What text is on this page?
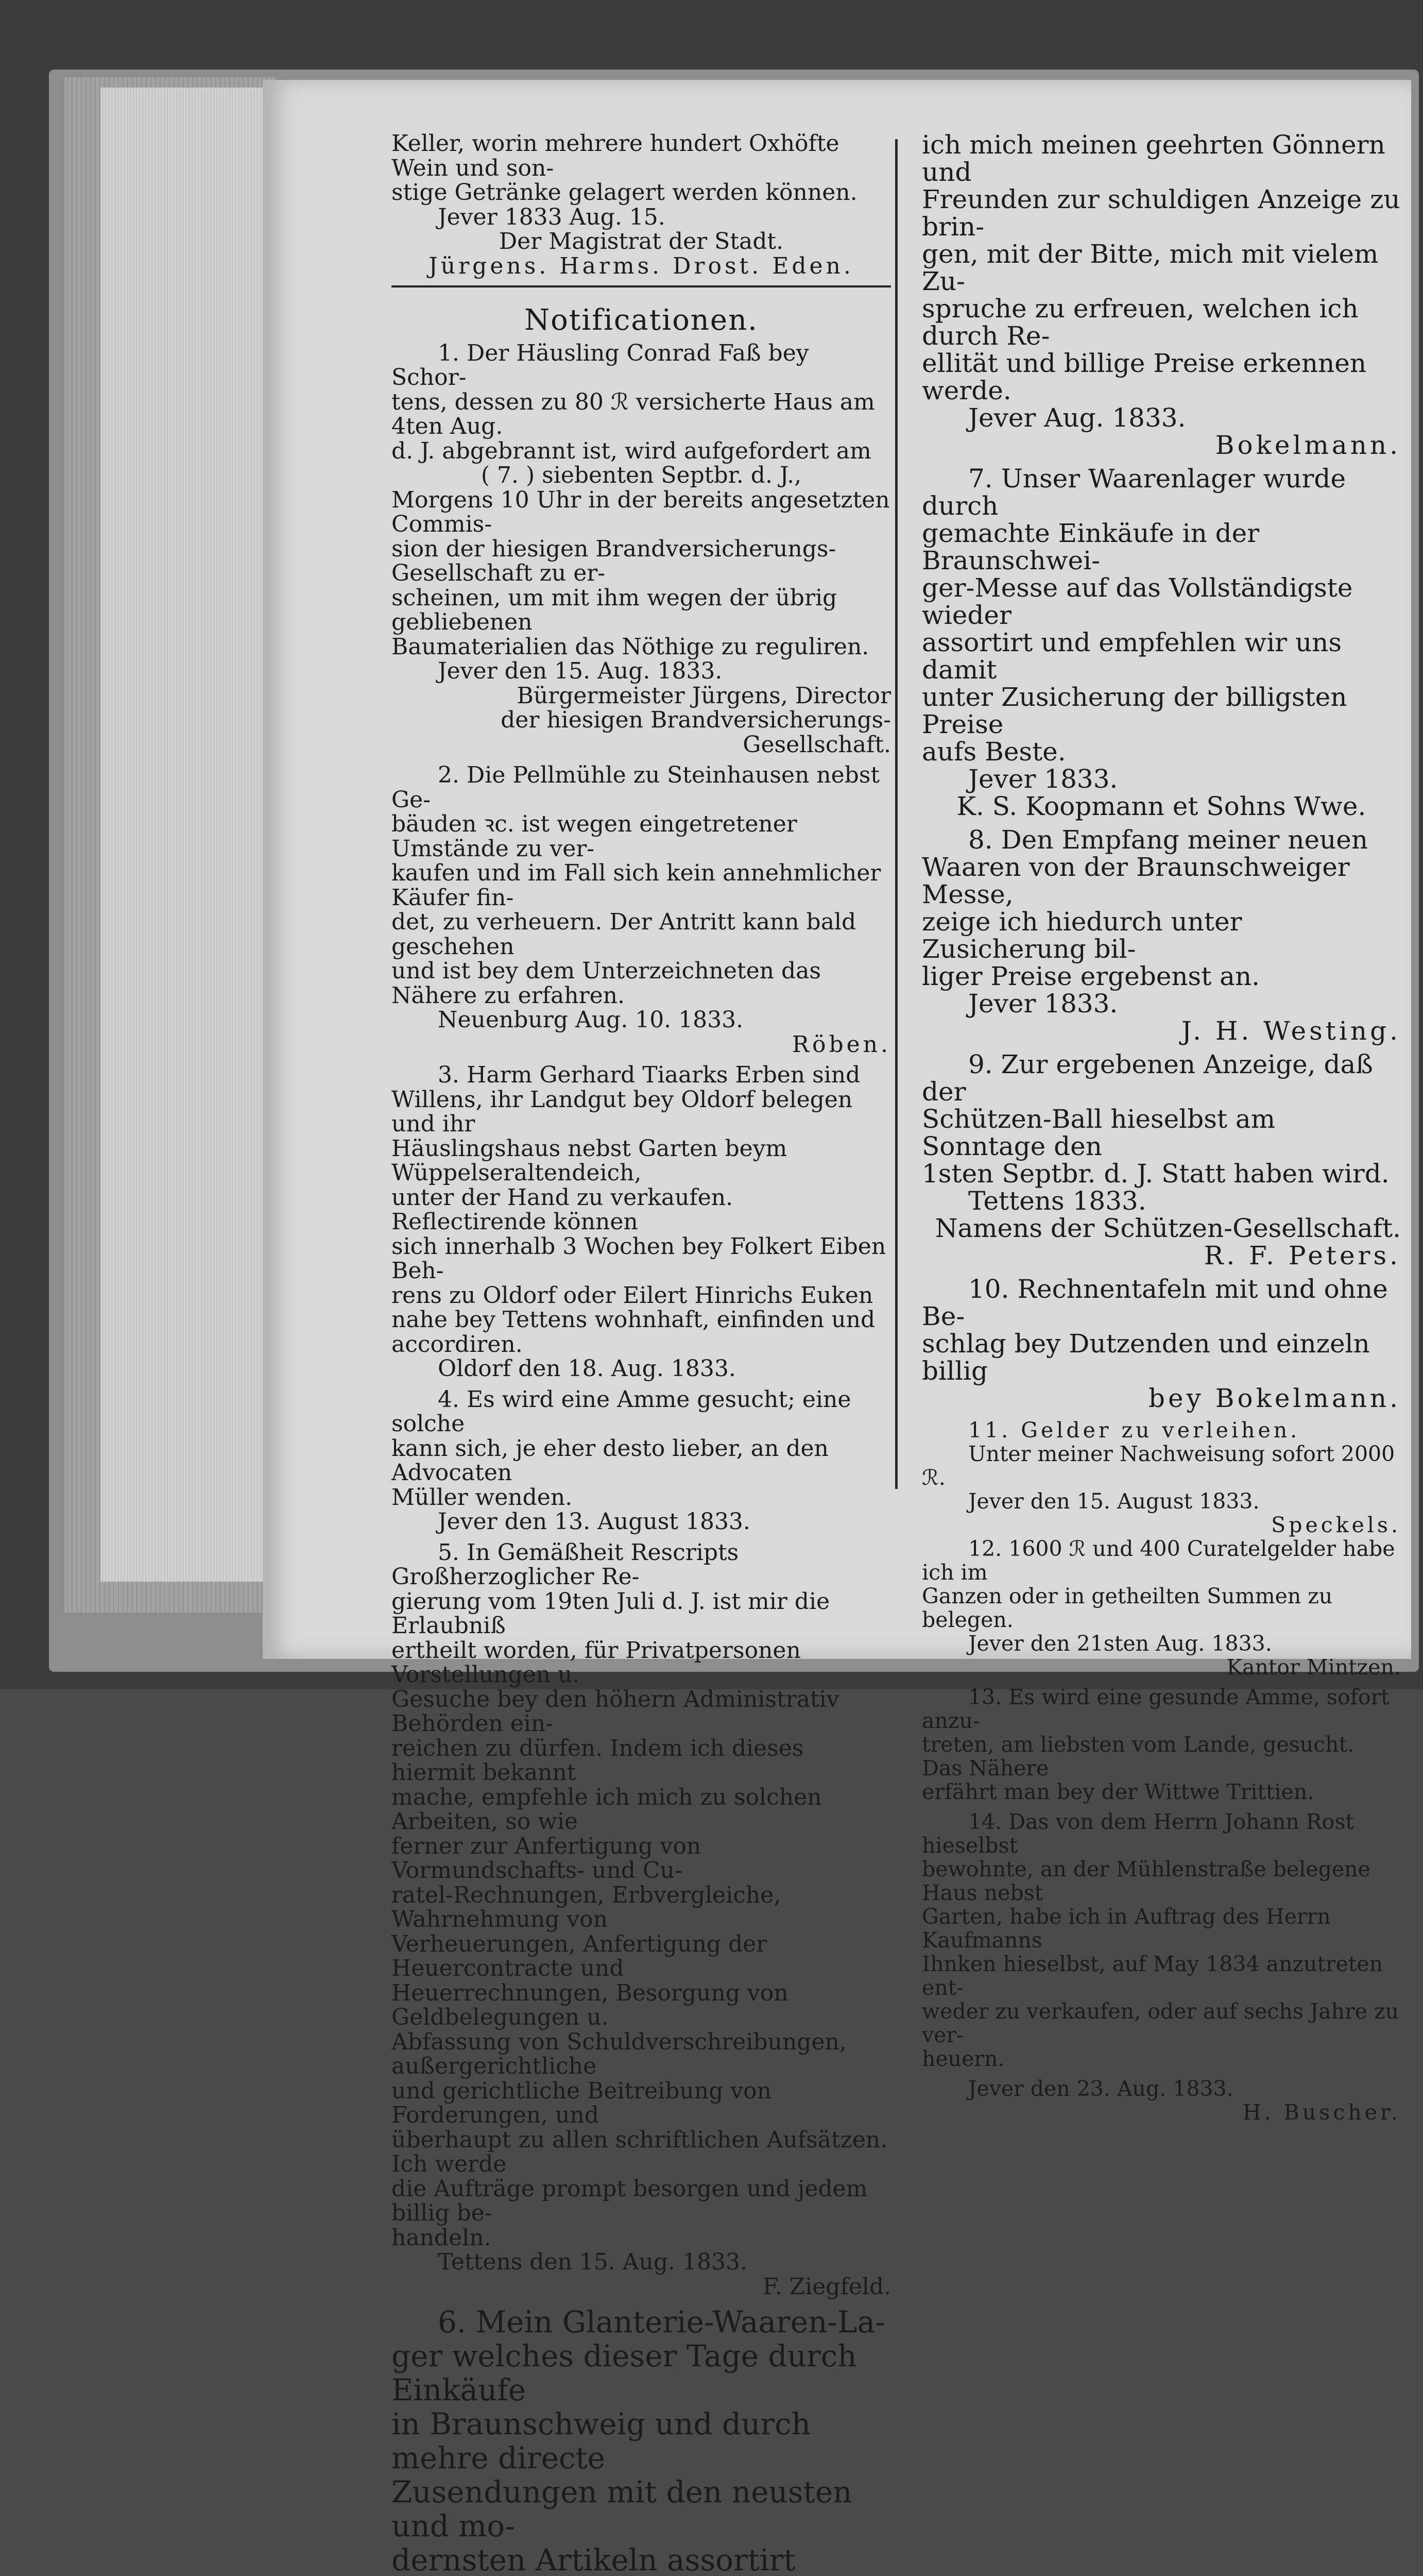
Keller, worin mehrere hundert Oxhöfte Wein und son-

stige Getränke gelagert werden können.

Jever 1833 Aug. 15.

Der Magistrat der Stadt.

Jürgens. Harms. Drost. Eden.

Notificationen.

1. Der Häusling Conrad Faß bey Schor-

tens, dessen zu 80 ℛ versicherte Haus am 4ten Aug.

d. J. abgebrannt ist, wird aufgefordert am

( 7. ) siebenten Septbr. d. J.,

Morgens 10 Uhr in der bereits angesetzten Commis-

sion der hiesigen Brandversicherungs-Gesellschaft zu er-

scheinen, um mit ihm wegen der übrig gebliebenen

Baumaterialien das Nöthige zu reguliren.

Jever den 15. Aug. 1833.

Bürgermeister Jürgens, Director

der hiesigen Brandversicherungs-Gesellschaft.

2. Die Pellmühle zu Steinhausen nebst Ge-

bäuden ꝛc. ist wegen eingetretener Umstände zu ver-

kaufen und im Fall sich kein annehmlicher Käufer fin-

det, zu verheuern. Der Antritt kann bald geschehen

und ist bey dem Unterzeichneten das Nähere zu erfahren.

Neuenburg Aug. 10. 1833.

Röben.

3. Harm Gerhard Tiaarks Erben sind

Willens, ihr Landgut bey Oldorf belegen und ihr

Häuslingshaus nebst Garten beym Wüppelseraltendeich,

unter der Hand zu verkaufen. Reflectirende können

sich innerhalb 3 Wochen bey Folkert Eiben Beh-

rens zu Oldorf oder Eilert Hinrichs Euken

nahe bey Tettens wohnhaft, einfinden und accordiren.

Oldorf den 18. Aug. 1833.

4. Es wird eine Amme gesucht; eine solche

kann sich, je eher desto lieber, an den Advocaten

Müller wenden.

Jever den 13. August 1833.

5. In Gemäßheit Rescripts Großherzoglicher Re-

gierung vom 19ten Juli d. J. ist mir die Erlaubniß

ertheilt worden, für Privatpersonen Vorstellungen u.

Gesuche bey den höhern Administrativ Behörden ein-

reichen zu dürfen. Indem ich dieses hiermit bekannt

mache, empfehle ich mich zu solchen Arbeiten, so wie

ferner zur Anfertigung von Vormundschafts- und Cu-

ratel-Rechnungen, Erbvergleiche, Wahrnehmung von

Verheuerungen, Anfertigung der Heuercontracte und

Heuerrechnungen, Besorgung von Geldbelegungen u.

Abfassung von Schuldverschreibungen, außergerichtliche

und gerichtliche Beitreibung von Forderungen, und

überhaupt zu allen schriftlichen Aufsätzen. Ich werde

die Aufträge prompt besorgen und jedem billig be-

handeln.

Tettens den 15. Aug. 1833.

F. Ziegfeld.

6. Mein Glanterie-Waaren-La-

ger welches dieser Tage durch Einkäufe

in Braunschweig und durch mehre directe

Zusendungen mit den neusten und mo-

dernsten Artikeln assortirt

ich mich meinen geehrten Gönnern und

Freunden zur schuldigen Anzeige zu brin-

gen, mit der Bitte, mich mit vielem Zu-

spruche zu erfreuen, welchen ich durch Re-

ellität und billige Preise erkennen werde.

Jever Aug. 1833.

Bokelmann.

7. Unser Waarenlager wurde durch

gemachte Einkäufe in der Braunschwei-

ger-Messe auf das Vollständigste wieder

assortirt und empfehlen wir uns damit

unter Zusicherung der billigsten Preise

aufs Beste.

Jever 1833.

K. S. Koopmann et Sohns Wwe.

8. Den Empfang meiner neuen

Waaren von der Braunschweiger Messe,

zeige ich hiedurch unter Zusicherung bil-

liger Preise ergebenst an.

Jever 1833.

J. H. Westing.

9. Zur ergebenen Anzeige, daß der

Schützen-Ball hieselbst am Sonntage den

1sten Septbr. d. J. Statt haben wird.

Tettens 1833.

Namens der Schützen-Gesellschaft.

R. F. Peters.

10. Rechnentafeln mit und ohne Be-

schlag bey Dutzenden und einzeln billig

bey Bokelmann.

11. Gelder zu verleihen.

Unter meiner Nachweisung sofort 2000 ℛ.

Jever den 15. August 1833.

Speckels.

12. 1600 ℛ und 400 Curatelgelder habe ich im

Ganzen oder in getheilten Summen zu belegen.

Jever den 21sten Aug. 1833.

Kantor Mintzen.

13. Es wird eine gesunde Amme, sofort anzu-

treten, am liebsten vom Lande, gesucht. Das Nähere

erfährt man bey der Wittwe Trittien.

14. Das von dem Herrn Johann Rost hieselbst

bewohnte, an der Mühlenstraße belegene Haus nebst

Garten, habe ich in Auftrag des Herrn Kaufmanns

Ihnken hieselbst, auf May 1834 anzutreten ent-

weder zu verkaufen, oder auf sechs Jahre zu ver-

heuern.

Jever den 23. Aug. 1833.

H. Buscher.
